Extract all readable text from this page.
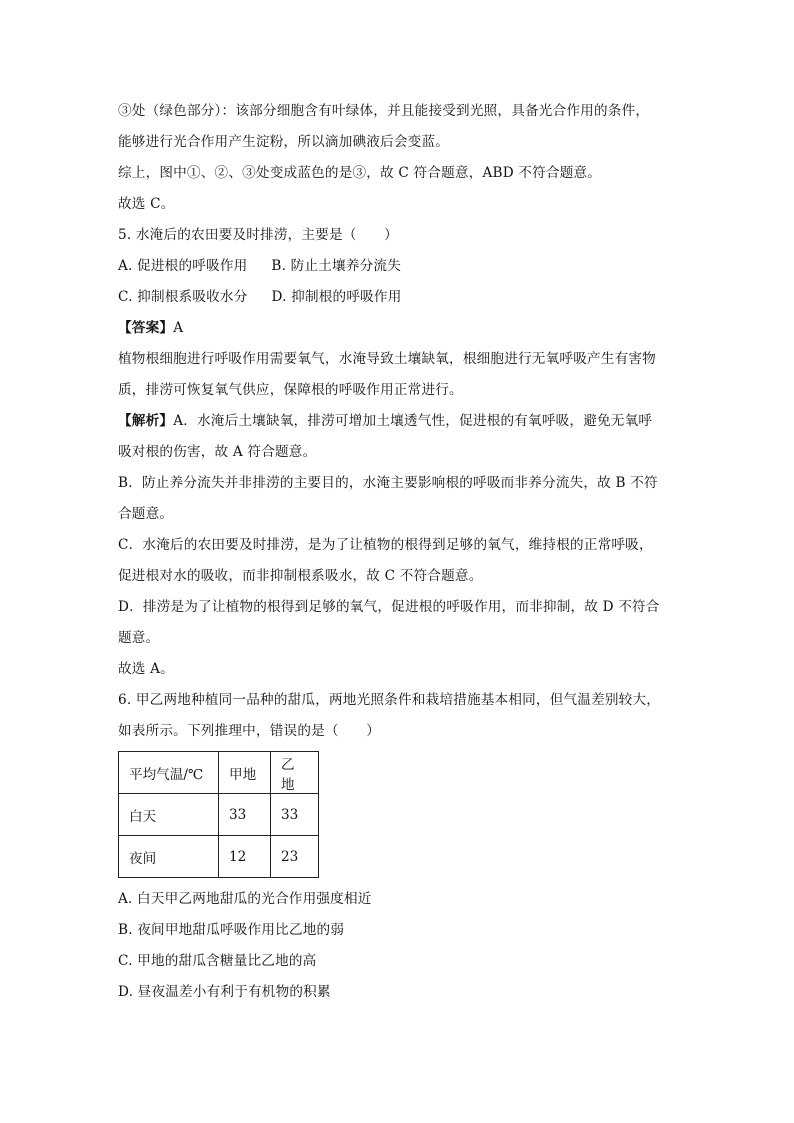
③处（绿色部分）：该部分细胞含有叶绿体，并且能接受到光照，具备光合作用的条件，
能够进行光合作用产生淀粉，所以滴加碘液后会变蓝。
综上，图中①、②、③处变成蓝色的是③，故 C 符合题意，ABD 不符合题意。
故选 C。
5. 水淹后的农田要及时排涝，主要是（　　）
A. 促进根的呼吸作用 B. 防止土壤养分流失
C. 抑制根系吸收水分 D. 抑制根的呼吸作用
【答案】A
植物根细胞进行呼吸作用需要氧气，水淹导致土壤缺氧，根细胞进行无氧呼吸产生有害物
质，排涝可恢复氧气供应，保障根的呼吸作用正常进行。
【解析】A．水淹后土壤缺氧，排涝可增加土壤透气性，促进根的有氧呼吸，避免无氧呼
吸对根的伤害，故 A 符合题意。
B．防止养分流失并非排涝的主要目的，水淹主要影响根的呼吸而非养分流失，故 B 不符
合题意。
C．水淹后的农田要及时排涝，是为了让植物的根得到足够的氧气，维持根的正常呼吸，
促进根对水的吸收，而非抑制根系吸水，故 C 不符合题意。
D．排涝是为了让植物的根得到足够的氧气，促进根的呼吸作用，而非抑制，故 D 不符合
题意。
故选 A。
6. 甲乙两地种植同一品种的甜瓜，两地光照条件和栽培措施基本相同，但气温差别较大，
如表所示。下列推理中，错误的是（　　）
平均气温/℃	甲地	乙地
白天	33	33
夜间	12	23
A. 白天甲乙两地甜瓜的光合作用强度相近
B. 夜间甲地甜瓜呼吸作用比乙地的弱
C. 甲地的甜瓜含糖量比乙地的高
D. 昼夜温差小有利于有机物的积累
